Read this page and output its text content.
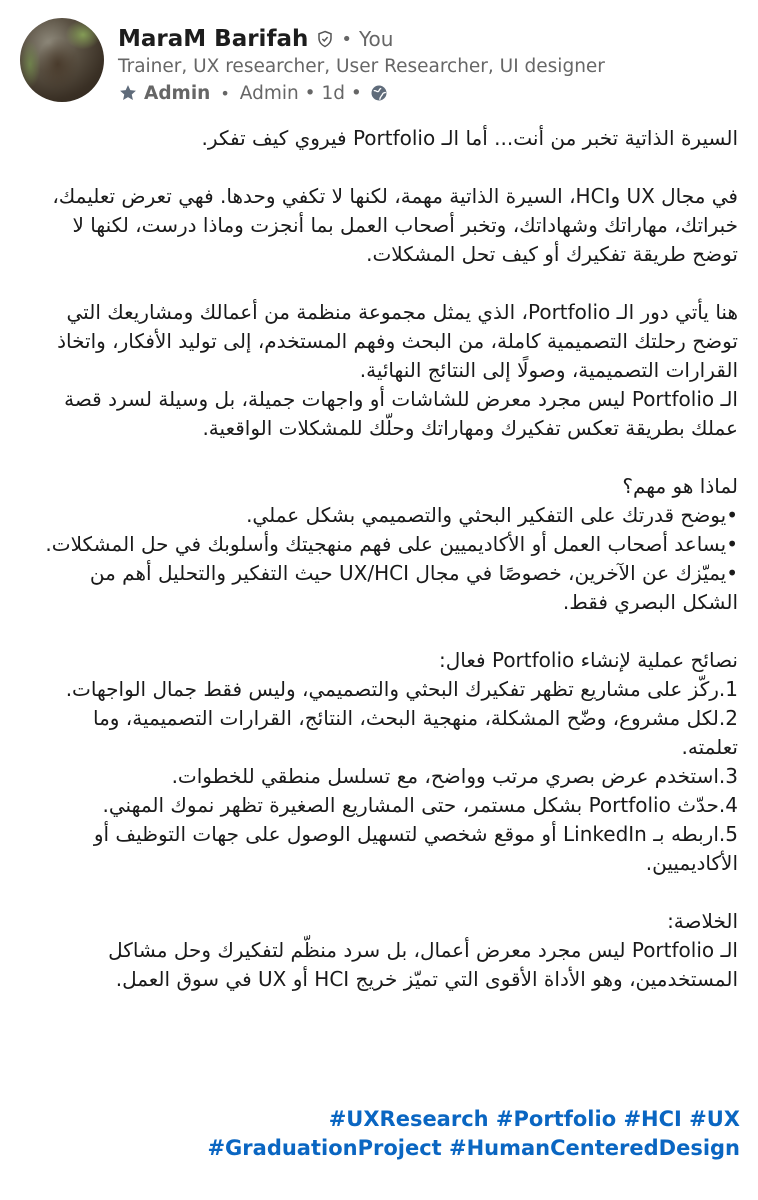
MaraM Barifah • You
Trainer, UX researcher, User Researcher, UI designer
Admin • Admin • 1d •

السيرة الذاتية تخبر من أنت... أما الـ Portfolio فيروي كيف تفكر.

في مجال UX وHCI، السيرة الذاتية مهمة، لكنها لا تكفي وحدها. فهي تعرض تعليمك، خبراتك، مهاراتك وشهاداتك، وتخبر أصحاب العمل بما أنجزت وماذا درست، لكنها لا توضح طريقة تفكيرك أو كيف تحل المشكلات.

هنا يأتي دور الـ Portfolio، الذي يمثل مجموعة منظمة من أعمالك ومشاريعك التي توضح رحلتك التصميمية كاملة، من البحث وفهم المستخدم، إلى توليد الأفكار، واتخاذ القرارات التصميمية، وصولًا إلى النتائج النهائية.

الـ Portfolio ليس مجرد معرض للشاشات أو واجهات جميلة، بل وسيلة لسرد قصة عملك بطريقة تعكس تفكيرك ومهاراتك وحلّك للمشكلات الواقعية.

لماذا هو مهم؟

•يوضح قدرتك على التفكير البحثي والتصميمي بشكل عملي.

•يساعد أصحاب العمل أو الأكاديميين على فهم منهجيتك وأسلوبك في حل المشكلات.

•يميّزك عن الآخرين، خصوصًا في مجال UX/HCI حيث التفكير والتحليل أهم من الشكل البصري فقط.

نصائح عملية لإنشاء Portfolio فعال:

1.ركّز على مشاريع تظهر تفكيرك البحثي والتصميمي، وليس فقط جمال الواجهات.

2.لكل مشروع، وضّح المشكلة، منهجية البحث، النتائج، القرارات التصميمية، وما تعلمته.

3.استخدم عرض بصري مرتب وواضح، مع تسلسل منطقي للخطوات.

4.حدّث Portfolio بشكل مستمر، حتى المشاريع الصغيرة تظهر نموك المهني.

5.اربطه بـ LinkedIn أو موقع شخصي لتسهيل الوصول على جهات التوظيف أو الأكاديميين.

الخلاصة:

الـ Portfolio ليس مجرد معرض أعمال، بل سرد منظّم لتفكيرك وحل مشاكل المستخدمين، وهو الأداة الأقوى التي تميّز خريج HCI أو UX في سوق العمل.

#UX #HCI #Portfolio #UXResearch #HumanCenteredDesign #GraduationProject
